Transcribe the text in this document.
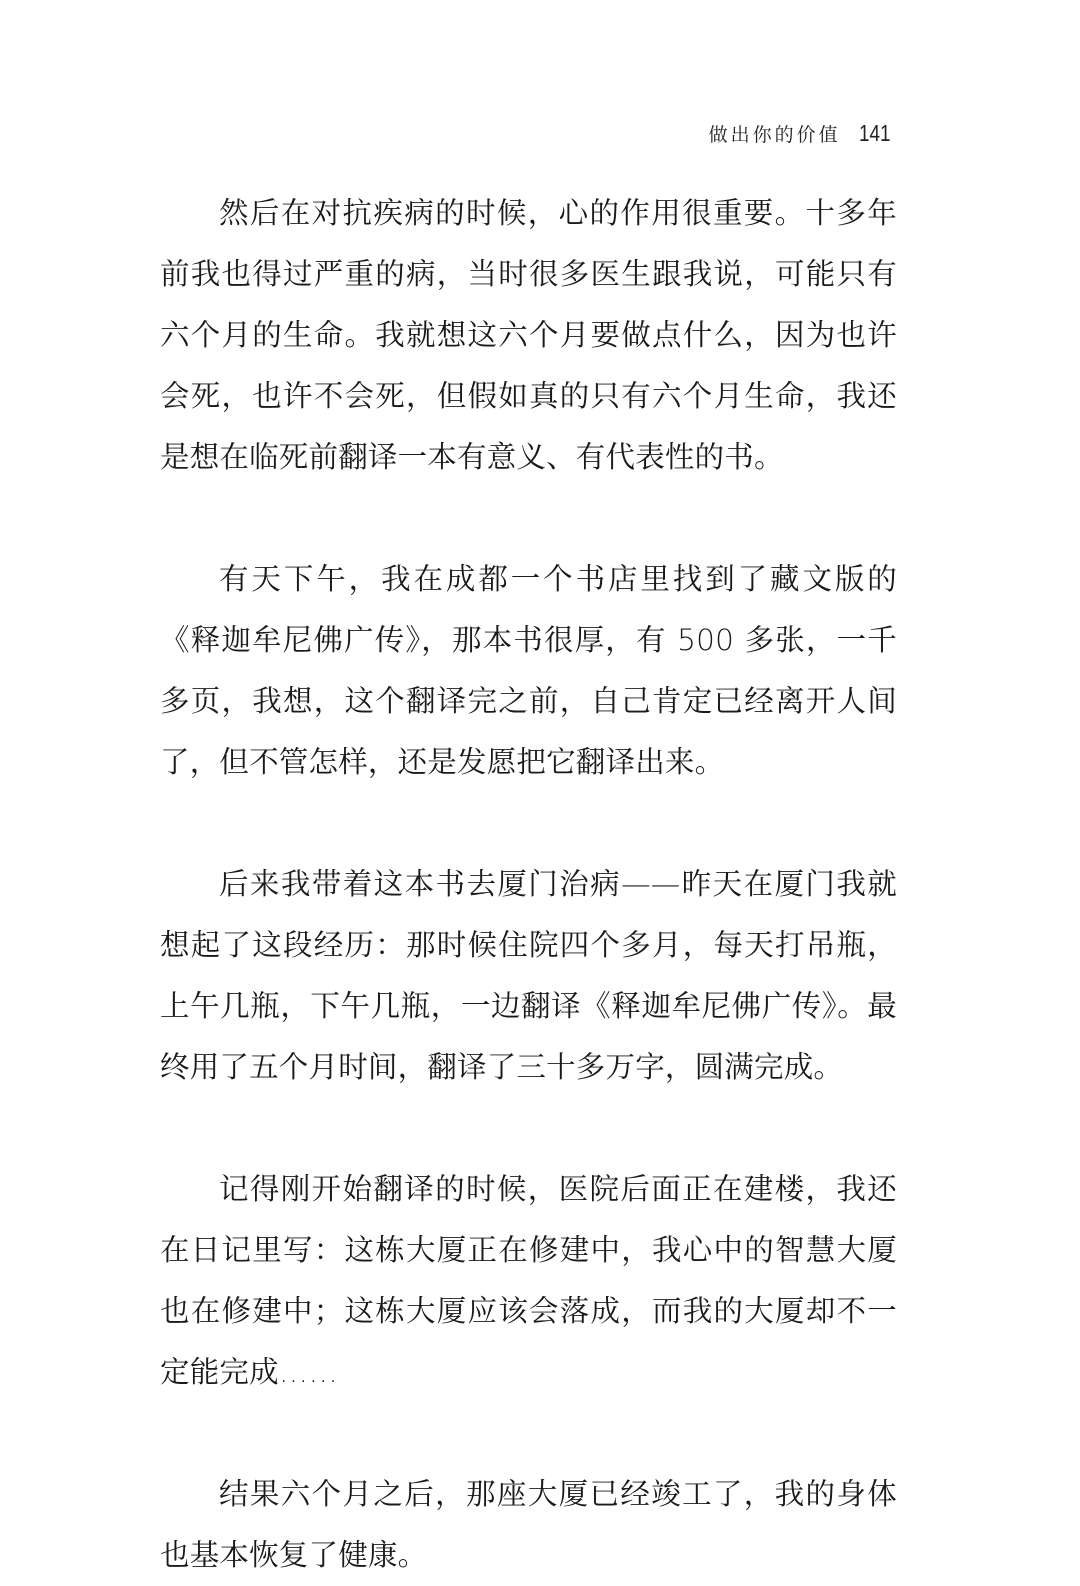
做出你的价值 141

然后在对抗疾病的时候，心的作用很重要。十多年前我也得过严重的病，当时很多医生跟我说，可能只有六个月的生命。我就想这六个月要做点什么，因为也许会死，也许不会死，但假如真的只有六个月生命，我还是想在临死前翻译一本有意义、有代表性的书。

有天下午，我在成都一个书店里找到了藏文版的《释迦牟尼佛广传》，那本书很厚，有 500 多张，一千多页，我想，这个翻译完之前，自己肯定已经离开人间了，但不管怎样，还是发愿把它翻译出来。

后来我带着这本书去厦门治病——昨天在厦门我就想起了这段经历：那时候住院四个多月，每天打吊瓶，上午几瓶，下午几瓶，一边翻译《释迦牟尼佛广传》。最终用了五个月时间，翻译了三十多万字，圆满完成。

记得刚开始翻译的时候，医院后面正在建楼，我还在日记里写：这栋大厦正在修建中，我心中的智慧大厦也在修建中；这栋大厦应该会落成，而我的大厦却不一定能完成……

结果六个月之后，那座大厦已经竣工了，我的身体也基本恢复了健康。
